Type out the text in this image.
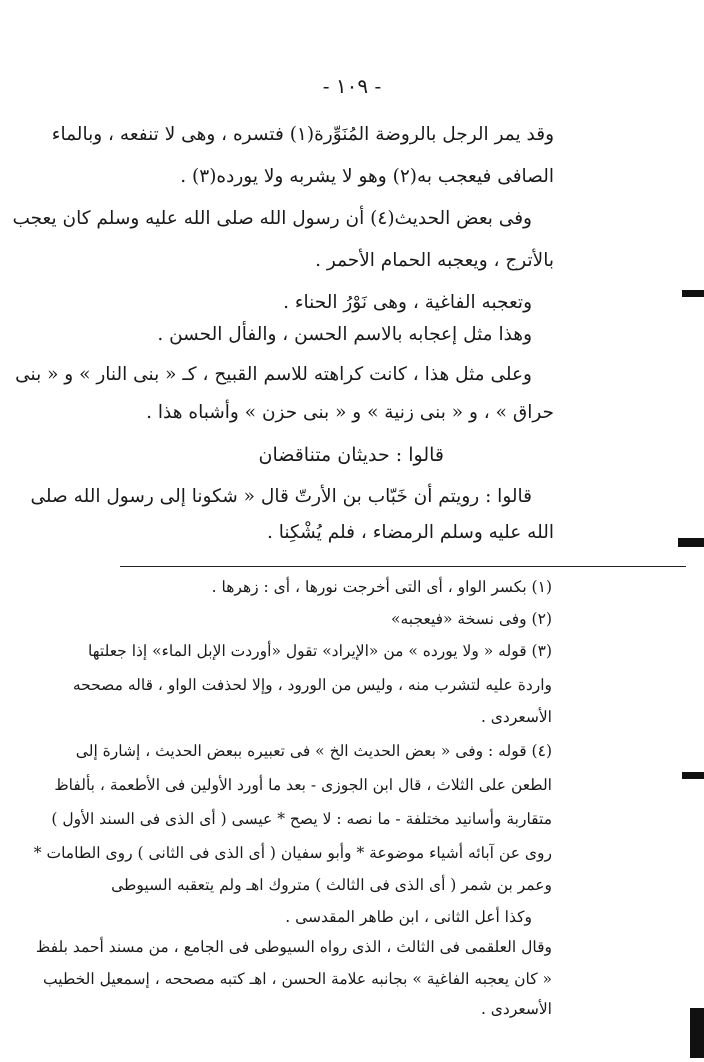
- ١٠٩ -
وقد يمر الرجل بالروضة المُنَوِّرة(١) فتسره ، وهى لا تنفعه ، وبالماء
الصافى فيعجب به(٢) وهو لا يشربه ولا يورده(٣) .
وفى بعض الحديث(٤) أن رسول الله صلى الله عليه وسلم كان يعجب
بالأترج ، ويعجبه الحمام الأحمر .
وتعجبه الفاغية ، وهى نَوْرُ الحناء .
وهذا مثل إعجابه بالاسم الحسن ، والفأل الحسن .
وعلى مثل هذا ، كانت كراهته للاسم القبيح ، كـ « بنى النار » و « بنى
حراق » ، و « بنى زنية » و « بنى حزن » وأشباه هذا .
قالوا : حديثان متناقضان
قالوا : رويتم أن خَبّاب بن الأرتّ قال « شكونا إلى رسول الله صلى
الله عليه وسلم الرمضاء ، فلم يُشْكِنا .
(١) بكسر الواو ، أى التى أخرجت نورها ، أى : زهرها .
(٢) وفى نسخة «فيعجبه»
(٣) قوله « ولا يورده » من «الإيراد» تقول «أوردت الإبل الماء» إذا جعلتها
واردة عليه لتشرب منه ، وليس من الورود ، وإلا لحذفت الواو ، قاله مصححه
الأسعردى .
(٤) قوله : وفى « بعض الحديث الخ » فى تعبيره ببعض الحديث ، إشارة إلى
الطعن على الثلاث ، قال ابن الجوزى - بعد ما أورد الأولين فى الأطعمة ، بألفاظ
متقاربة وأسانيد مختلفة - ما نصه : لا يصح * عيسى ( أى الذى فى السند الأول )
روى عن آبائه أشياء موضوعة * وأبو سفيان ( أى الذى فى الثانى ) روى الطامات *
وعمر بن شمر ( أى الذى فى الثالث ) متروك اهـ ولم يتعقبه السيوطى
وكذا أعل الثانى ، ابن طاهر المقدسى .
وقال العلقمى فى الثالث ، الذى رواه السيوطى فى الجامع ، من مسند أحمد بلفظ
« كان يعجبه الفاغية » بجانبه علامة الحسن ، اهـ كتبه مصححه ، إسمعيل الخطيب
الأسعردى .
